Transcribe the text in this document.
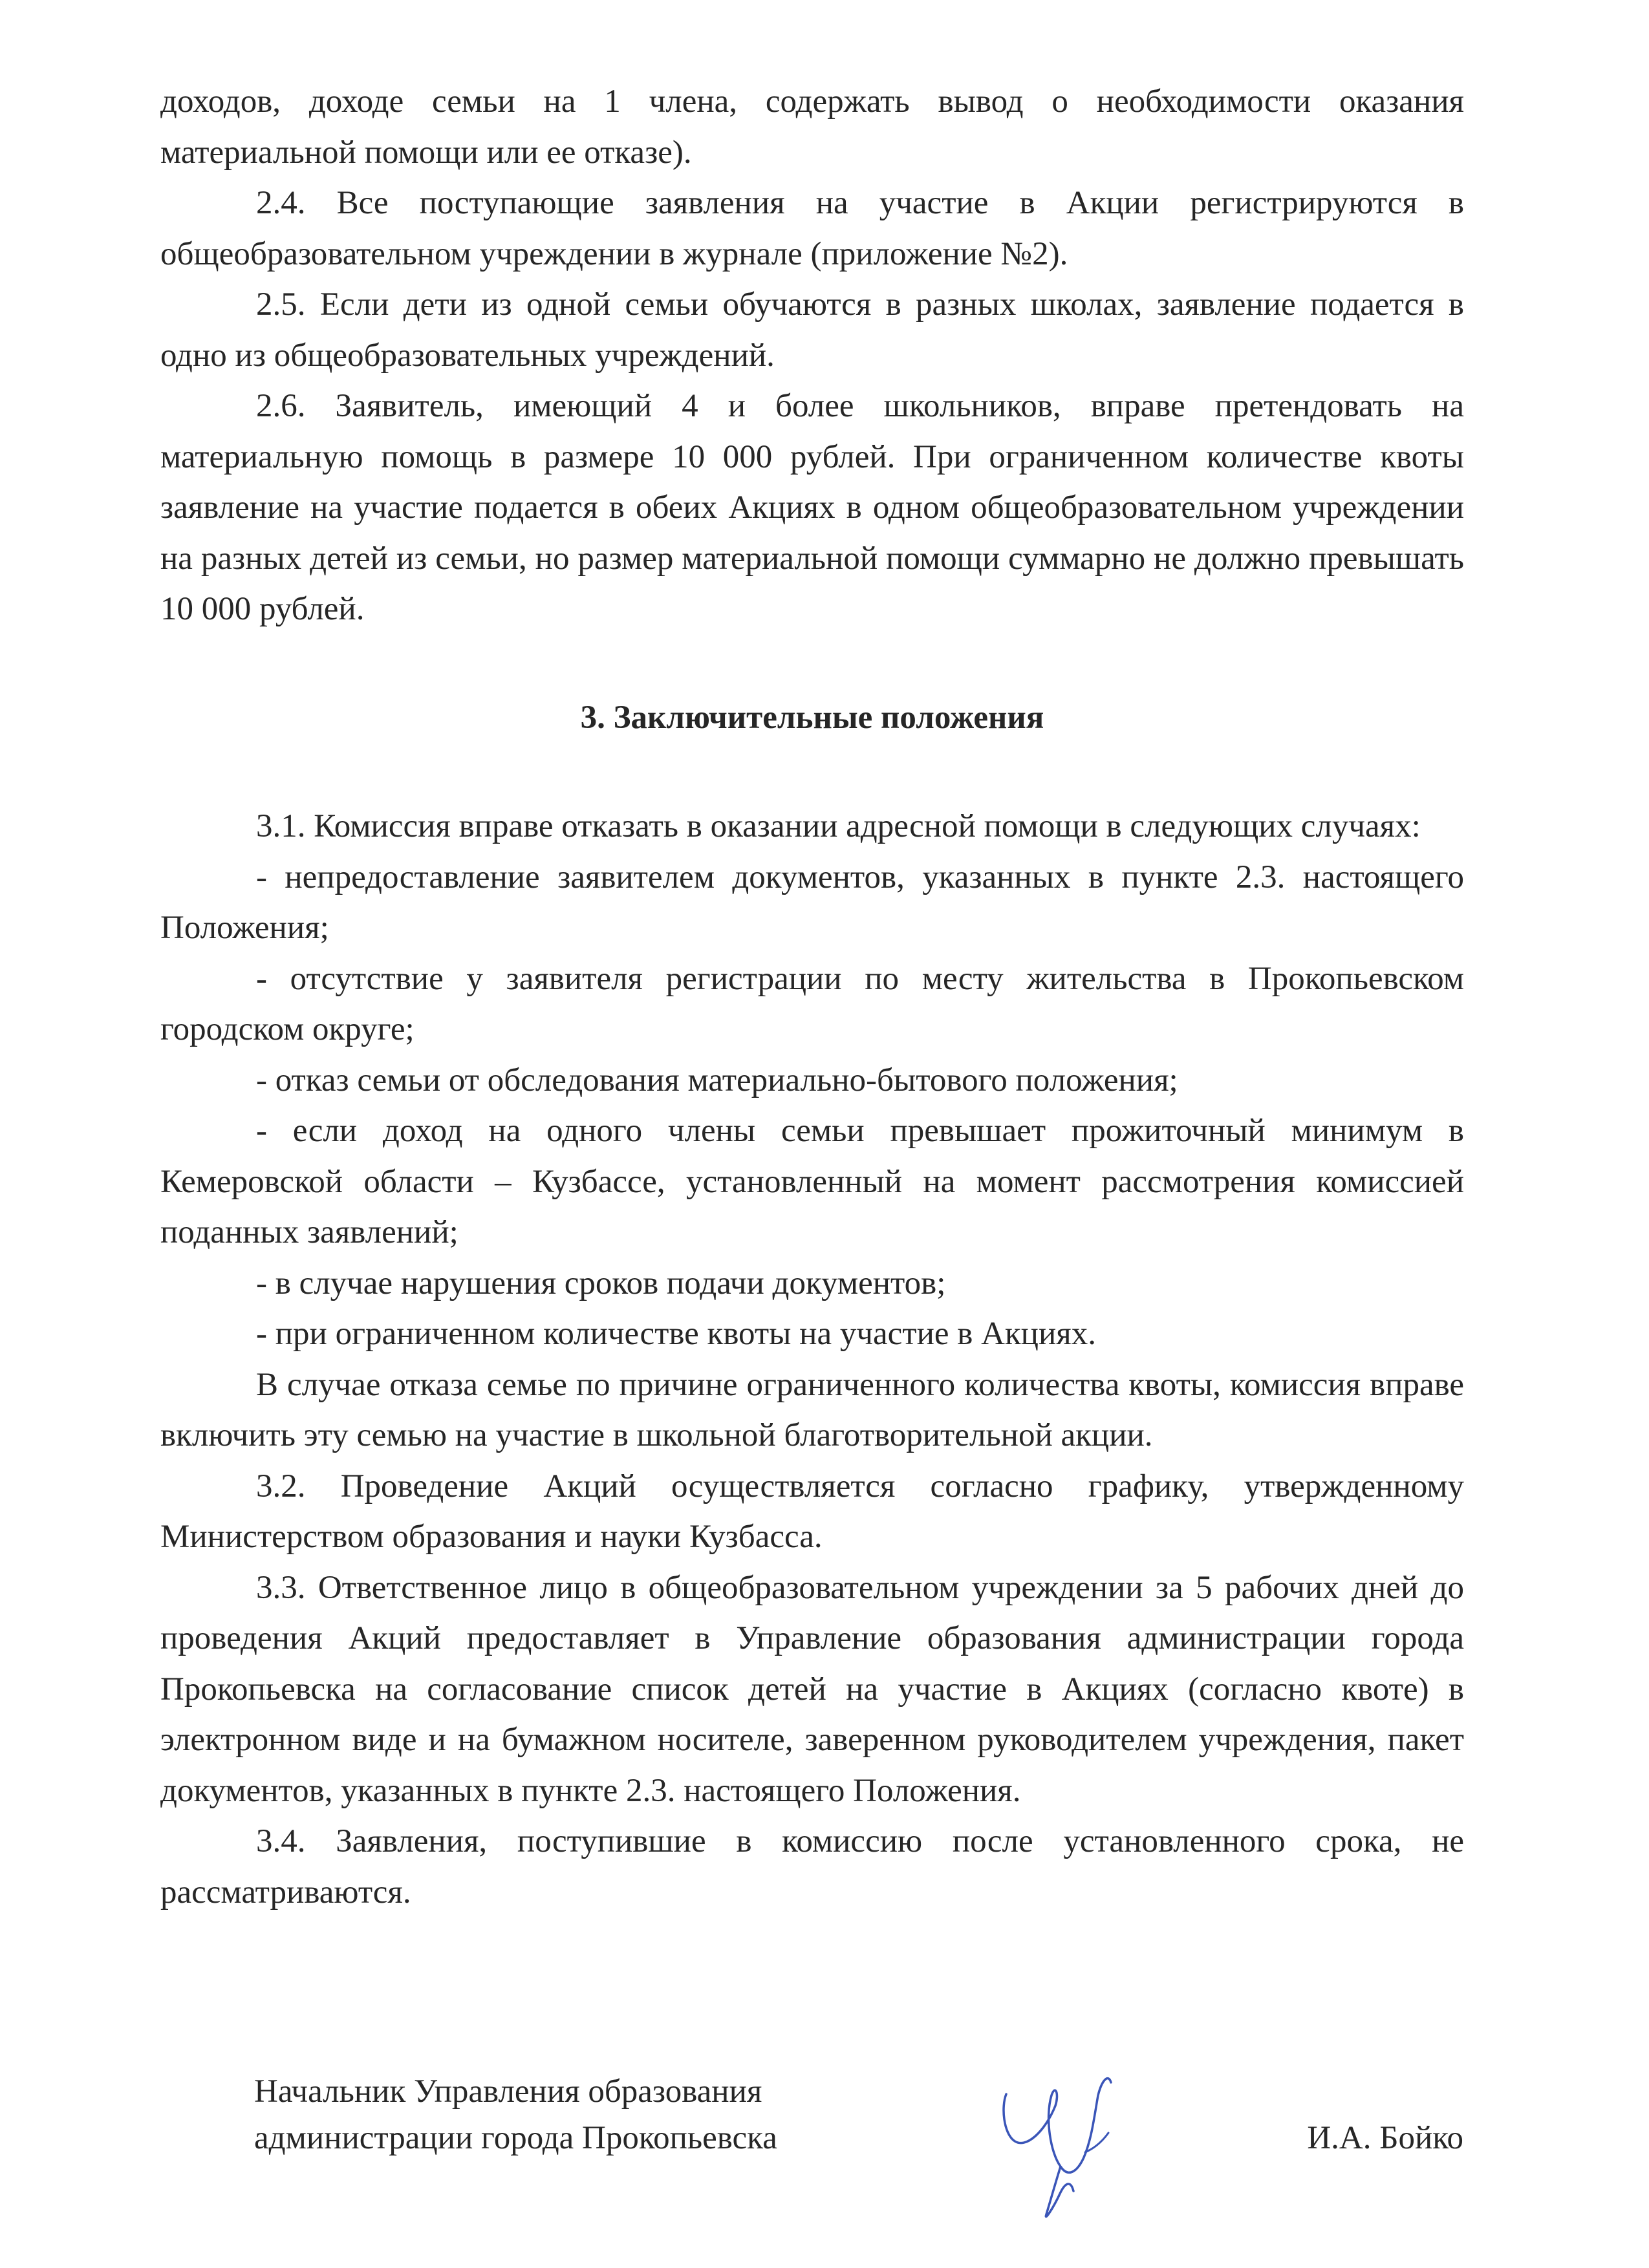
доходов, доходе семьи на 1 члена, содержать вывод о необходимости оказания материальной помощи или ее отказе).

2.4. Все поступающие заявления на участие в Акции регистрируются в общеобразовательном учреждении в журнале (приложение №2).

2.5. Если дети из одной семьи обучаются в разных школах, заявление подается в одно из общеобразовательных учреждений.

2.6. Заявитель, имеющий 4 и более школьников, вправе претендовать на материальную помощь в размере 10 000 рублей. При ограниченном количестве квоты заявление на участие подается в обеих Акциях в одном общеобразовательном учреждении на разных детей из семьи, но размер материальной помощи суммарно не должно превышать 10 000 рублей.

3. Заключительные положения

3.1. Комиссия вправе отказать в оказании адресной помощи в следующих случаях:

- непредоставление заявителем документов, указанных в пункте 2.3. настоящего Положения;

- отсутствие у заявителя регистрации по месту жительства в Прокопьевском городском округе;

- отказ семьи от обследования материально-бытового положения;

- если доход на одного члены семьи превышает прожиточный минимум в Кемеровской области – Кузбассе, установленный на момент рассмотрения комиссией поданных заявлений;

- в случае нарушения сроков подачи документов;

- при ограниченном количестве квоты на участие в Акциях.

В случае отказа семье по причине ограниченного количества квоты, комиссия вправе включить эту семью на участие в школьной благотворительной акции.

3.2. Проведение Акций осуществляется согласно графику, утвержденному Министерством образования и науки Кузбасса.

3.3. Ответственное лицо в общеобразовательном учреждении за 5 рабочих дней до проведения Акций предоставляет в Управление образования администрации города Прокопьевска на согласование список детей на участие в Акциях (согласно квоте) в электронном виде и на бумажном носителе, заверенном руководителем учреждения, пакет документов, указанных в пункте 2.3. настоящего Положения.

3.4. Заявления, поступившие в комиссию после установленного срока, не рассматриваются.

Начальник Управления образования
администрации города Прокопьевска	И.А. Бойко
